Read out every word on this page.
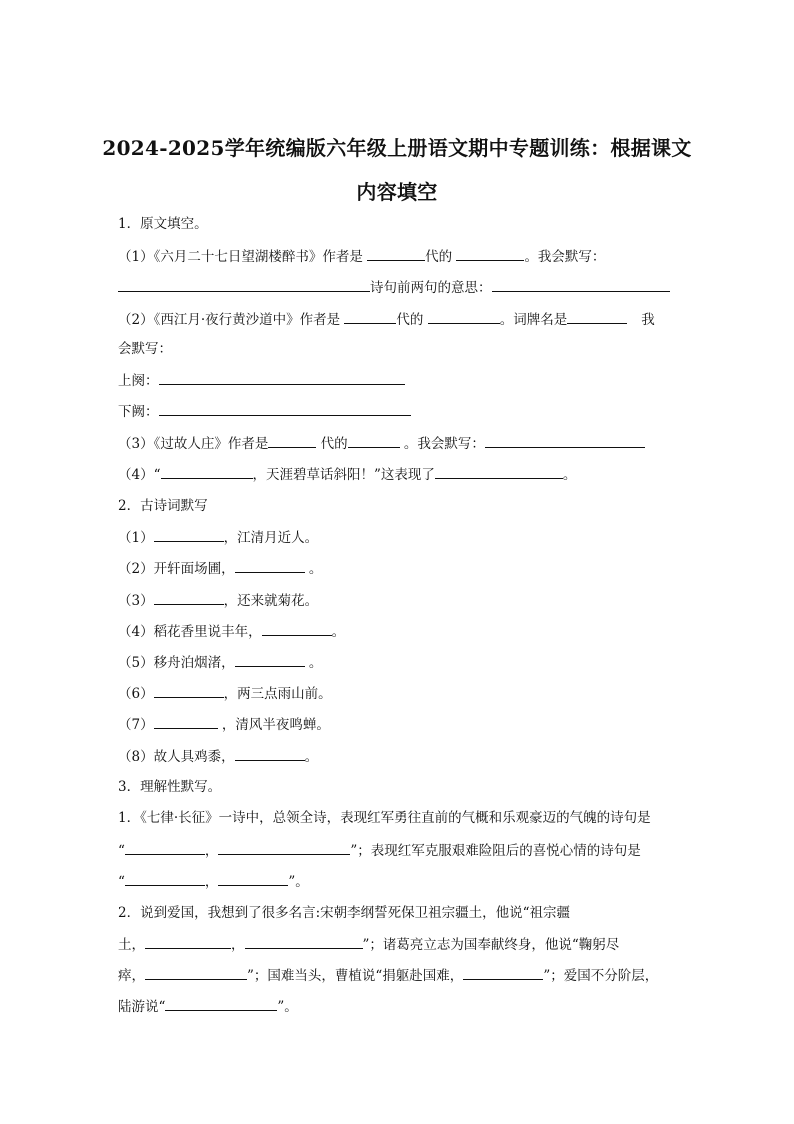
2024-2025学年统编版六年级上册语文期中专题训练：根据课文
内容填空
1．原文填空。
（1）《六月二十七日望湖楼醉书》作者是	代的	。我会默写：
诗句前两句的意思：
（2）《西江月·夜行黄沙道中》作者是	代的	。词牌名是	我
会默写：
上阕：
下阙：
（3）《过故人庄》作者是	代的	。我会默写：
（4）“	，天涯碧草话斜阳！”这表现了	。
2．古诗词默写
（1）	，江清月近人。
（2）开轩面场圃，	。
（3）	，还来就菊花。
（4）稻花香里说丰年，	。
（5）移舟泊烟渚，	。
（6）	，两三点雨山前。
（7）	，清风半夜鸣蝉。
（8）故人具鸡黍，	。
3．理解性默写。
1．《七律·长征》一诗中，总领全诗，表现红军勇往直前的气概和乐观豪迈的气魄的诗句是
“	，	”；表现红军克服艰难险阻后的喜悦心情的诗句是
“	，	”。
2．说到爱国，我想到了很多名言:宋朝李纲誓死保卫祖宗疆土，他说“祖宗疆
土，	，	”；诸葛亮立志为国奉献终身，他说“鞠躬尽
瘁，	”；国难当头，曹植说“捐躯赴国难，	”；爱国不分阶层，
陆游说“	”。
